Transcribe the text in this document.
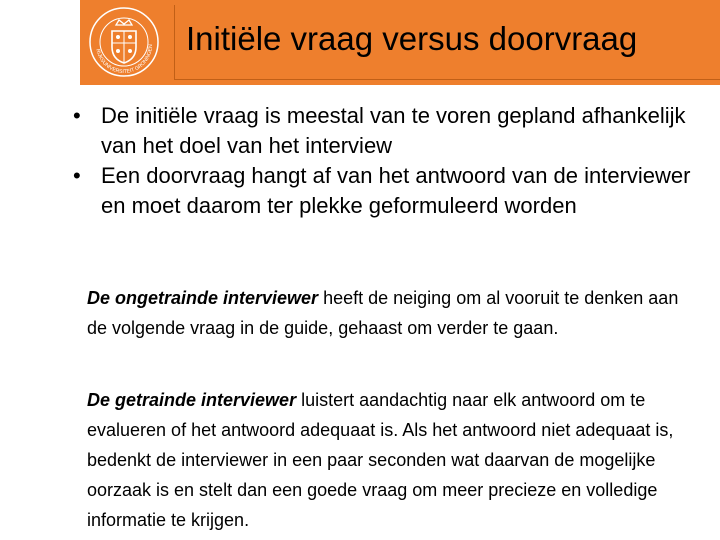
RIJKSUNIVERSITEIT GRONINGEN Initiële vraag versus doorvraag
• De initiële vraag is meestal van te voren gepland afhankelijk van het doel van het interview
• Een doorvraag hangt af van het antwoord van de interviewer en moet daarom ter plekke geformuleerd worden

De ongetrainde interviewer heeft de neiging om al vooruit te denken aan de volgende vraag in de guide, gehaast om verder te gaan.

De getrainde interviewer luistert aandachtig naar elk antwoord om te evalueren of het antwoord adequaat is. Als het antwoord niet adequaat is, bedenkt de interviewer in een paar seconden wat daarvan de mogelijke oorzaak is en stelt dan een goede vraag om meer precieze en volledige informatie te krijgen.
